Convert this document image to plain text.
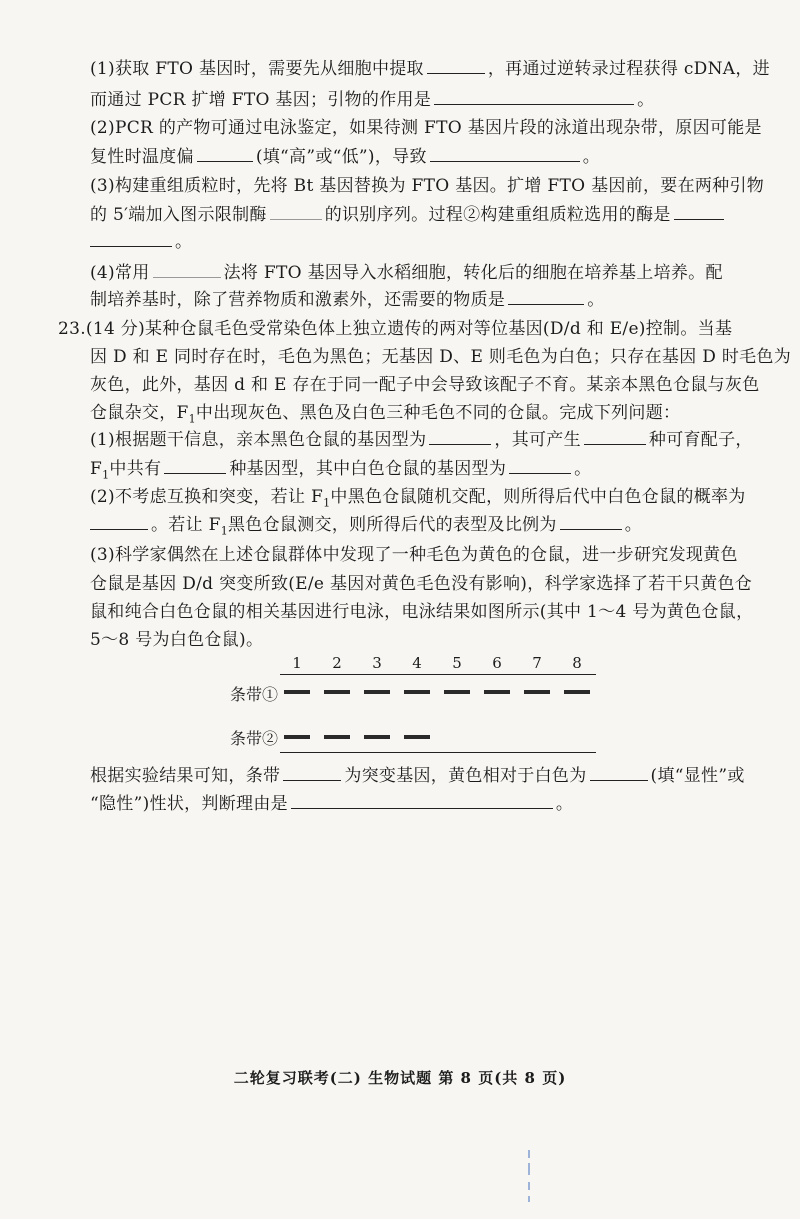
(1)获取 FTO 基因时，需要先从细胞中提取	，再通过逆转录过程获得 cDNA，进
而通过 PCR 扩增 FTO 基因；引物的作用是	。
(2)PCR 的产物可通过电泳鉴定，如果待测 FTO 基因片段的泳道出现杂带，原因可能是
复性时温度偏	(填“高”或“低”)，导致	。
(3)构建重组质粒时，先将 Bt 基因替换为 FTO 基因。扩增 FTO 基因前，要在两种引物
的 5′端加入图示限制酶	的识别序列。过程②构建重组质粒选用的酶是
。
(4)常用	法将 FTO 基因导入水稻细胞，转化后的细胞在培养基上培养。配
制培养基时，除了营养物质和激素外，还需要的物质是	。
23.(14 分)某种仓鼠毛色受常染色体上独立遗传的两对等位基因(D/d 和 E/e)控制。当基
因 D 和 E 同时存在时，毛色为黑色；无基因 D、E 则毛色为白色；只存在基因 D 时毛色为
灰色，此外，基因 d 和 E 存在于同一配子中会导致该配子不育。某亲本黑色仓鼠与灰色
仓鼠杂交，$F_1$中出现灰色、黑色及白色三种毛色不同的仓鼠。完成下列问题：
(1)根据题干信息，亲本黑色仓鼠的基因型为	，其可产生	种可育配子，
$F_1$中共有	种基因型，其中白色仓鼠的基因型为	。
(2)不考虑互换和突变，若让 $F_1$中黑色仓鼠随机交配，则所得后代中白色仓鼠的概率为
。若让 $F_1$黑色仓鼠测交，则所得后代的表型及比例为	。
(3)科学家偶然在上述仓鼠群体中发现了一种毛色为黄色的仓鼠，进一步研究发现黄色
仓鼠是基因 D/d 突变所致(E/e 基因对黄色毛色没有影响)，科学家选择了若干只黄色仓
鼠和纯合白色仓鼠的相关基因进行电泳，电泳结果如图所示(其中 1～4 号为黄色仓鼠，
5～8 号为白色仓鼠)。
条带①
条带②
1	2	3	4	5	6	7	8
根据实验结果可知，条带	为突变基因，黄色相对于白色为	(填“显性”或
“隐性”)性状，判断理由是	。
二轮复习联考(二) 生物试题 第 8 页(共 8 页)
